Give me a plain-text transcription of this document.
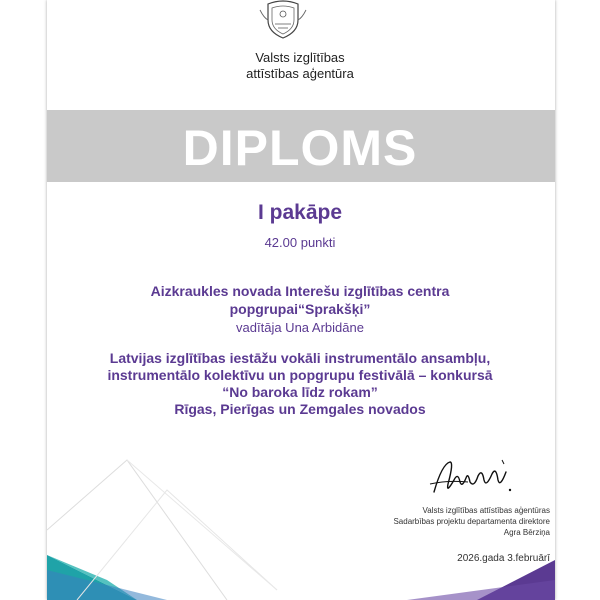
Valsts izglītības
attīstības aģentūra
DIPLOMS
I pakāpe
42.00 punkti
Aizkraukles novada Interešu izglītības centra
popgrupai“Sprakšķi”
vadītāja Una Arbidāne
Latvijas izglītības iestāžu vokāli instrumentālo ansambļu,
instrumentālo kolektīvu un popgrupu festivālā – konkursā
“No baroka līdz rokam”
Rīgas, Pierīgas un Zemgales novados
Valsts izglītības attīstības aģentūras
Sadarbības projektu departamenta direktore
Agra Bērziņa
2026.gada 3.februārī
